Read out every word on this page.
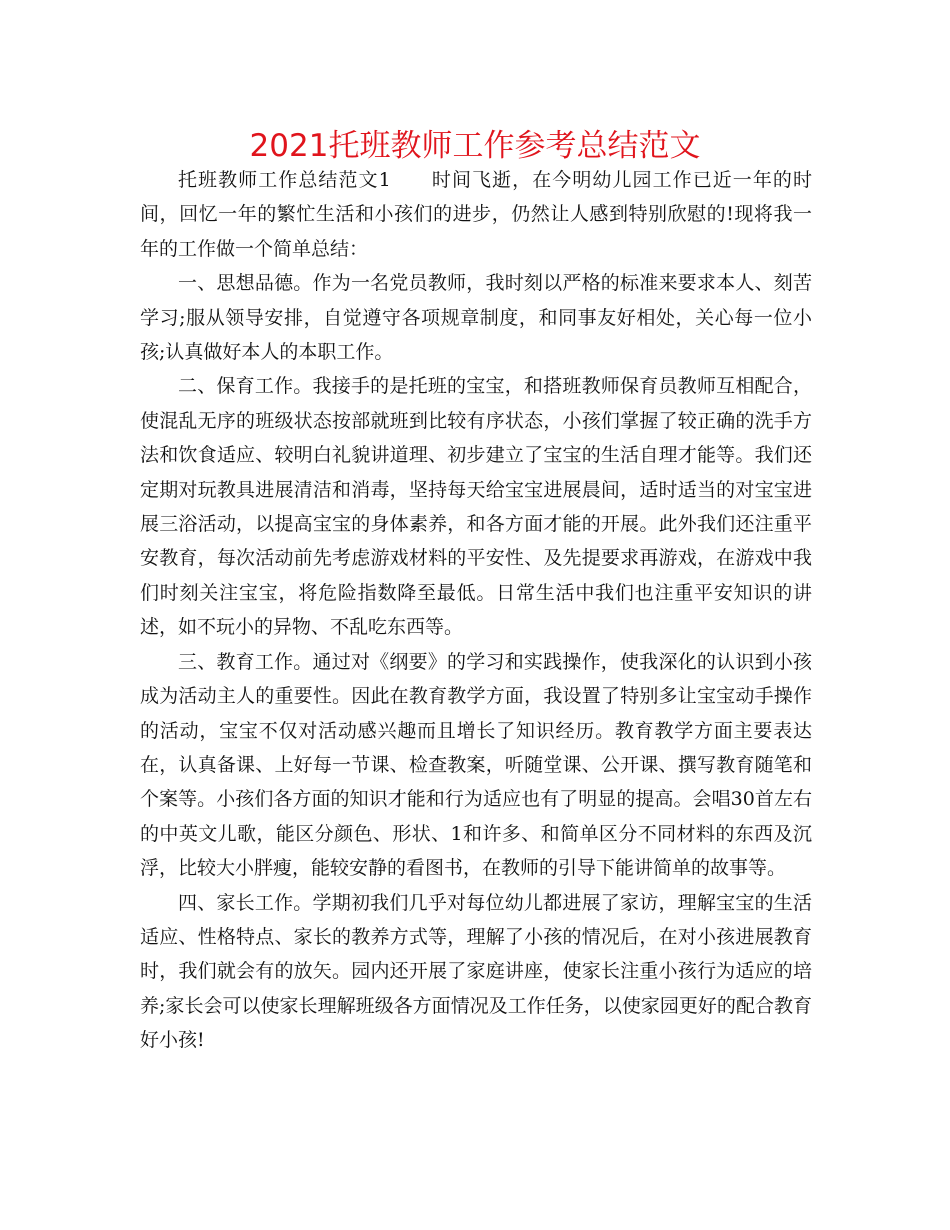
2021托班教师工作参考总结范文

托班教师工作总结范文1　　时间飞逝，在今明幼儿园工作已近一年的时间，回忆一年的繁忙生活和小孩们的进步，仍然让人感到特别欣慰的!现将我一年的工作做一个简单总结：

一、思想品德。作为一名党员教师，我时刻以严格的标准来要求本人、刻苦学习;服从领导安排，自觉遵守各项规章制度，和同事友好相处，关心每一位小孩;认真做好本人的本职工作。

二、保育工作。我接手的是托班的宝宝，和搭班教师保育员教师互相配合，使混乱无序的班级状态按部就班到比较有序状态，小孩们掌握了较正确的洗手方法和饮食适应、较明白礼貌讲道理、初步建立了宝宝的生活自理才能等。我们还定期对玩教具进展清洁和消毒，坚持每天给宝宝进展晨间，适时适当的对宝宝进展三浴活动，以提高宝宝的身体素养，和各方面才能的开展。此外我们还注重平安教育，每次活动前先考虑游戏材料的平安性、及先提要求再游戏，在游戏中我们时刻关注宝宝，将危险指数降至最低。日常生活中我们也注重平安知识的讲述，如不玩小的异物、不乱吃东西等。

三、教育工作。通过对《纲要》的学习和实践操作，使我深化的认识到小孩成为活动主人的重要性。因此在教育教学方面，我设置了特别多让宝宝动手操作的活动，宝宝不仅对活动感兴趣而且增长了知识经历。教育教学方面主要表达在，认真备课、上好每一节课、检查教案，听随堂课、公开课、撰写教育随笔和个案等。小孩们各方面的知识才能和行为适应也有了明显的提高。会唱30首左右的中英文儿歌，能区分颜色、形状、1和许多、和简单区分不同材料的东西及沉浮，比较大小胖瘦，能较安静的看图书，在教师的引导下能讲简单的故事等。

四、家长工作。学期初我们几乎对每位幼儿都进展了家访，理解宝宝的生活适应、性格特点、家长的教养方式等，理解了小孩的情况后，在对小孩进展教育时，我们就会有的放矢。园内还开展了家庭讲座，使家长注重小孩行为适应的培养;家长会可以使家长理解班级各方面情况及工作任务，以使家园更好的配合教育好小孩!
